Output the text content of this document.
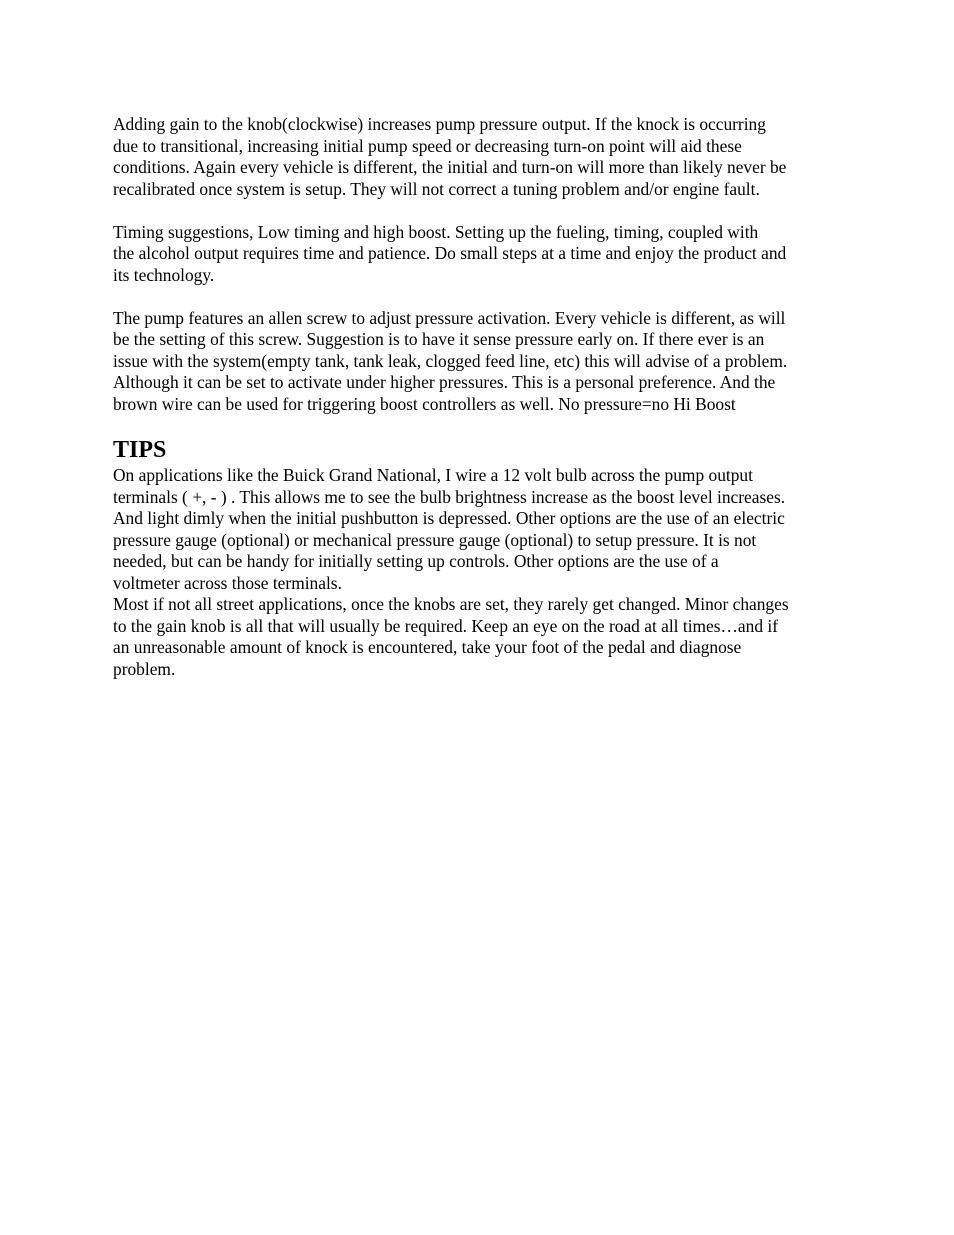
Adding gain to the knob(clockwise) increases pump pressure output. If the knock is occurring
due to transitional, increasing initial pump speed or decreasing turn-on point will aid these
conditions. Again every vehicle is different, the initial and turn-on will more than likely never be
recalibrated once system is setup. They will not correct a tuning problem and/or engine fault.
Timing suggestions, Low timing and high boost. Setting up the fueling, timing, coupled with
the alcohol output requires time and patience. Do small steps at a time and enjoy the product and
its technology.
The pump features an allen screw to adjust pressure activation. Every vehicle is different, as will
be the setting of this screw. Suggestion is to have it sense pressure early on. If there ever is an
issue with the system(empty tank, tank leak, clogged feed line, etc) this will advise of a problem.
Although it can be set to activate under higher pressures. This is a personal preference. And the
brown wire can be used for triggering boost controllers as well. No pressure=no Hi Boost
TIPS
On applications like the Buick Grand National, I wire a 12 volt bulb across the pump output
terminals ( +, - ) . This allows me to see the bulb brightness increase as the boost level increases.
And light dimly when the initial pushbutton is depressed. Other options are the use of an electric
pressure gauge (optional) or mechanical pressure gauge (optional) to setup pressure. It is not
needed, but can be handy for initially setting up controls. Other options are the use of a
voltmeter across those terminals.
Most if not all street applications, once the knobs are set, they rarely get changed. Minor changes
to the gain knob is all that will usually be required. Keep an eye on the road at all times…and if
an unreasonable amount of knock is encountered, take your foot of the pedal and diagnose
problem.
